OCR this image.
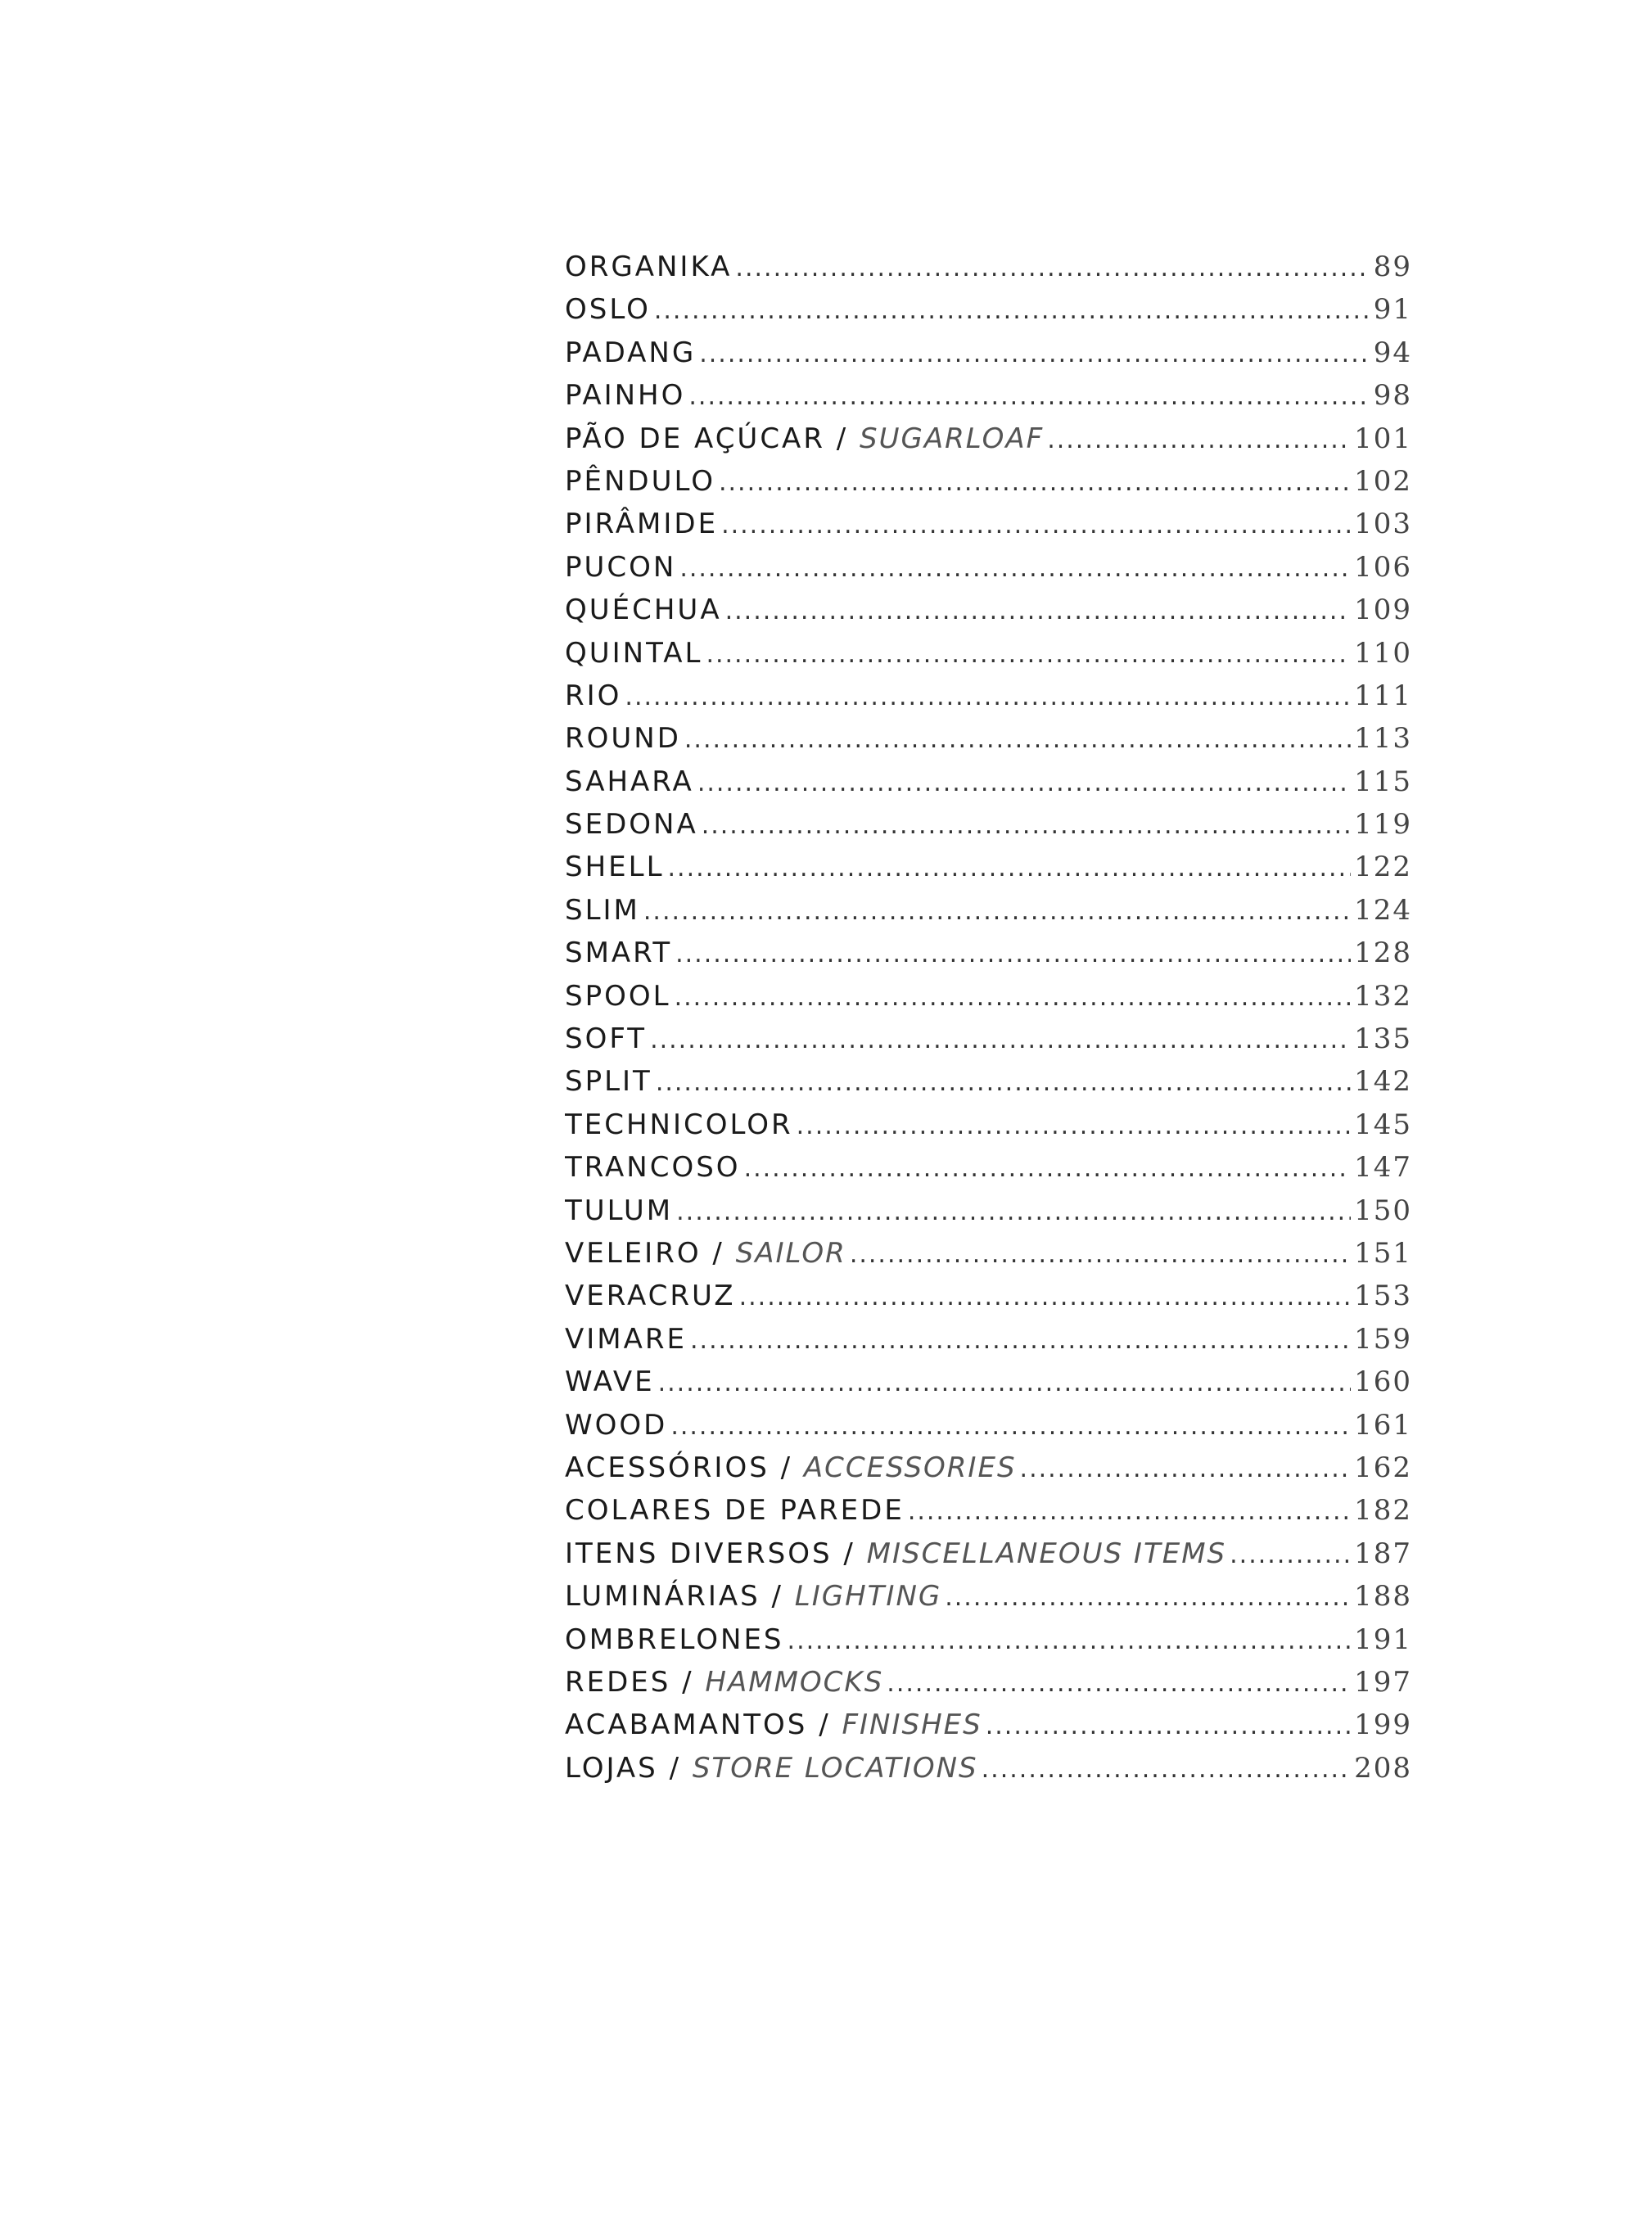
ORGANIKA .....	89
OSLO .....	91
PADANG .....	94
PAINHO .....	98
PÃO DE AÇÚCAR / SUGARLOAF .....	101
PÊNDULO .....	102
PIRÂMIDE .....	103
PUCON .....	106
QUÉCHUA .....	109
QUINTAL .....	110
RIO .....	111
ROUND .....	113
SAHARA .....	115
SEDONA .....	119
SHELL .....	122
SLIM .....	124
SMART .....	128
SPOOL .....	132
SOFT .....	135
SPLIT .....	142
TECHNICOLOR .....	145
TRANCOSO .....	147
TULUM .....	150
VELEIRO / SAILOR .....	151
VERACRUZ .....	153
VIMARE .....	159
WAVE .....	160
WOOD .....	161
ACESSÓRIOS / ACCESSORIES .....	162
COLARES DE PAREDE .....	182
ITENS DIVERSOS / MISCELLANEOUS ITEMS .....	187
LUMINÁRIAS / LIGHTING .....	188
OMBRELONES .....	191
REDES / HAMMOCKS .....	197
ACABAMANTOS / FINISHES .....	199
LOJAS / STORE LOCATIONS .....	208
